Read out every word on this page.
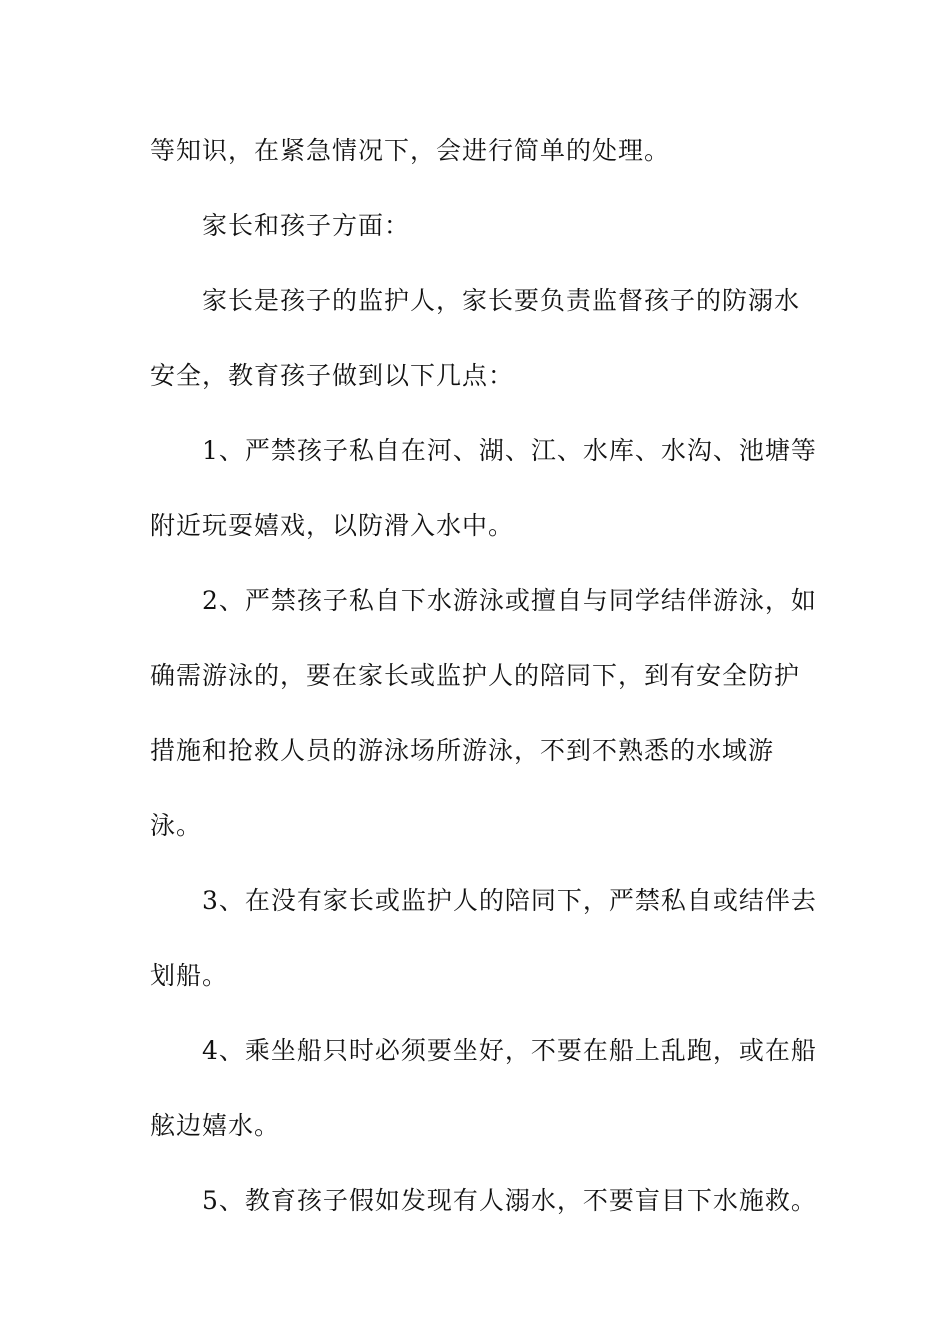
等知识，在紧急情况下，会进行简单的处理。
家长和孩子方面：
家长是孩子的监护人，家长要负责监督孩子的防溺水
安全，教育孩子做到以下几点：
1、严禁孩子私自在河、湖、江、水库、水沟、池塘等
附近玩耍嬉戏，以防滑入水中。
2、严禁孩子私自下水游泳或擅自与同学结伴游泳，如
确需游泳的，要在家长或监护人的陪同下，到有安全防护
措施和抢救人员的游泳场所游泳，不到不熟悉的水域游
泳。
3、在没有家长或监护人的陪同下，严禁私自或结伴去
划船。
4、乘坐船只时必须要坐好，不要在船上乱跑，或在船
舷边嬉水。
5、教育孩子假如发现有人溺水，不要盲目下水施救。
